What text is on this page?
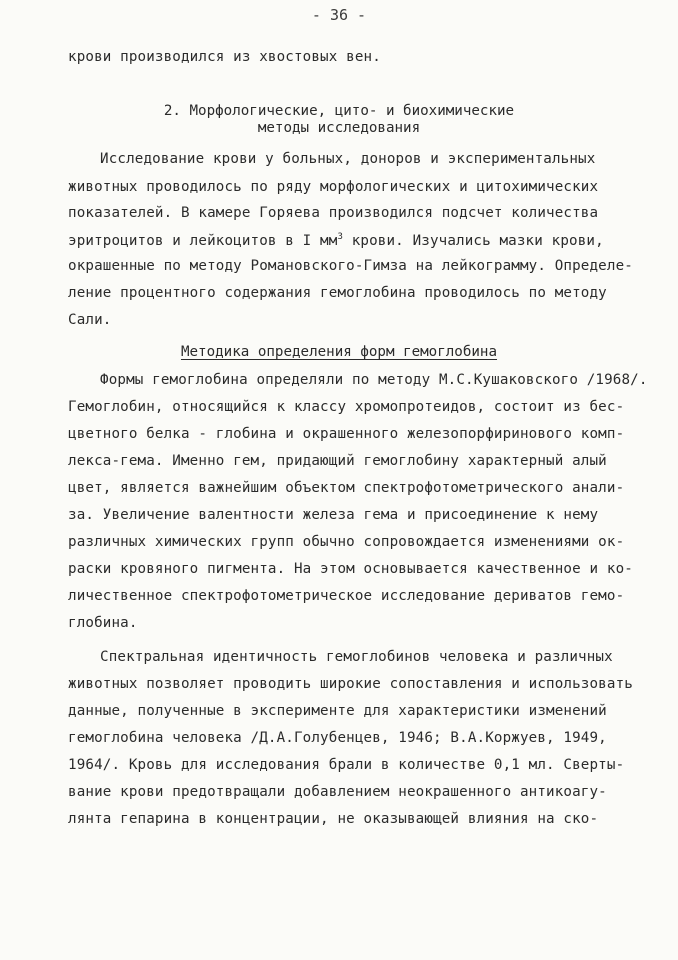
- 36 -
крови производился из хвостовых вен.
2. Морфологические, цито- и биохимические
методы исследования
Исследование крови у больных, доноров и экспериментальных
животных проводилось по ряду морфологических и цитохимических
показателей. В камере Горяева производился подсчет количества
эритроцитов и лейкоцитов в I $мм^3$ крови. Изучались мазки крови,
окрашенные по методу Романовского-Гимза на лейкограмму. Определе-
ление процентного содержания гемоглобина проводилось по методу
Сали.
Методика определения форм гемоглобина
Формы гемоглобина определяли по методу М.С.Кушаковского /1968/.
Гемоглобин, относящийся к классу хромопротеидов, состоит из бес-
цветного белка - глобина и окрашенного железопорфиринового комп-
лекса-гема. Именно гем, придающий гемоглобину характерный алый
цвет, является важнейшим объектом спектрофотометрического анали-
за. Увеличение валентности железа гема и присоединение к нему
различных химических групп обычно сопровождается изменениями ок-
раски кровяного пигмента. На этом основывается качественное и ко-
личественное спектрофотометрическое исследование дериватов гемо-
глобина.
Спектральная идентичность гемоглобинов человека и различных
животных позволяет проводить широкие сопоставления и использовать
данные, полученные в эксперименте для характеристики изменений
гемоглобина человека /Д.А.Голубенцев, 1946; В.А.Коржуев, 1949,
1964/. Кровь для исследования брали в количестве 0,1 мл. Сверты-
вание крови предотвращали добавлением неокрашенного антикоагу-
лянта гепарина в концентрации, не оказывающей влияния на ско-
